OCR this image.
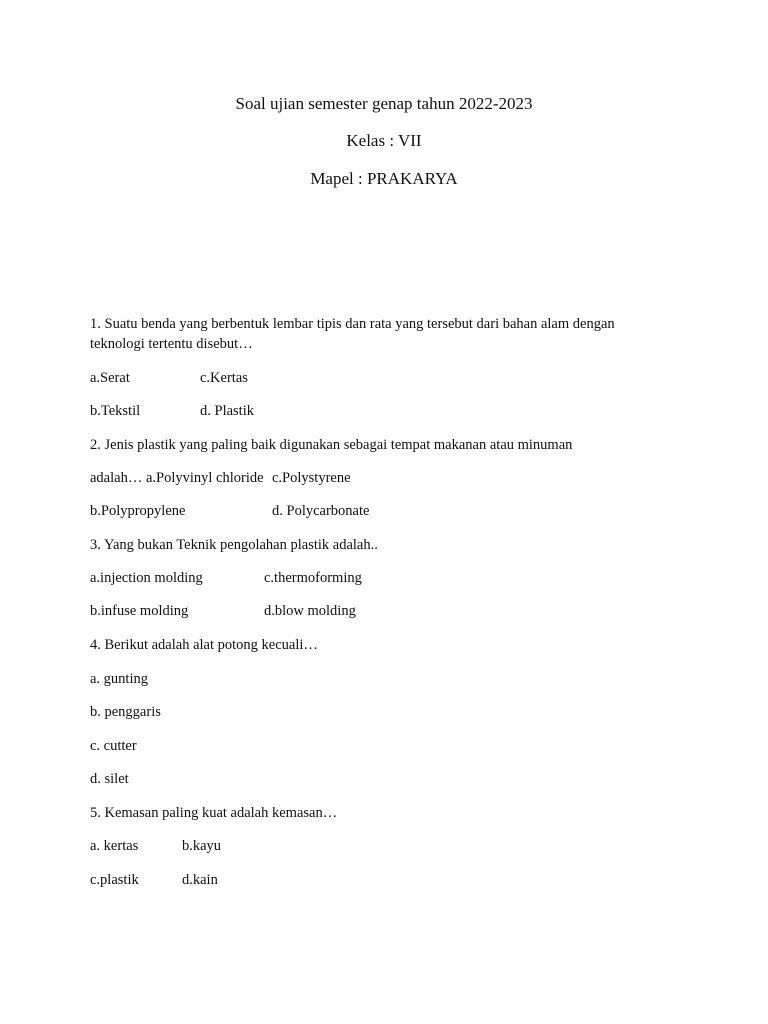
Soal ujian semester genap tahun 2022-2023
Kelas : VII
Mapel : PRAKARYA
1. Suatu benda yang berbentuk lembar tipis dan rata yang tersebut dari bahan alam dengan
teknologi tertentu disebut…
a.Serat	c.Kertas
b.Tekstil	d. Plastik
2. Jenis plastik yang paling baik digunakan sebagai tempat makanan atau minuman
adalah… a.Polyvinyl chloride c.Polystyrene
b.Polypropylene	d. Polycarbonate
3. Yang bukan Teknik pengolahan plastik adalah..
a.injection molding	c.thermoforming
b.infuse molding	d.blow molding
4. Berikut adalah alat potong kecuali…
a. gunting
b. penggaris
c. cutter
d. silet
5. Kemasan paling kuat adalah kemasan…
a. kertas	b.kayu
c.plastik	d.kain
